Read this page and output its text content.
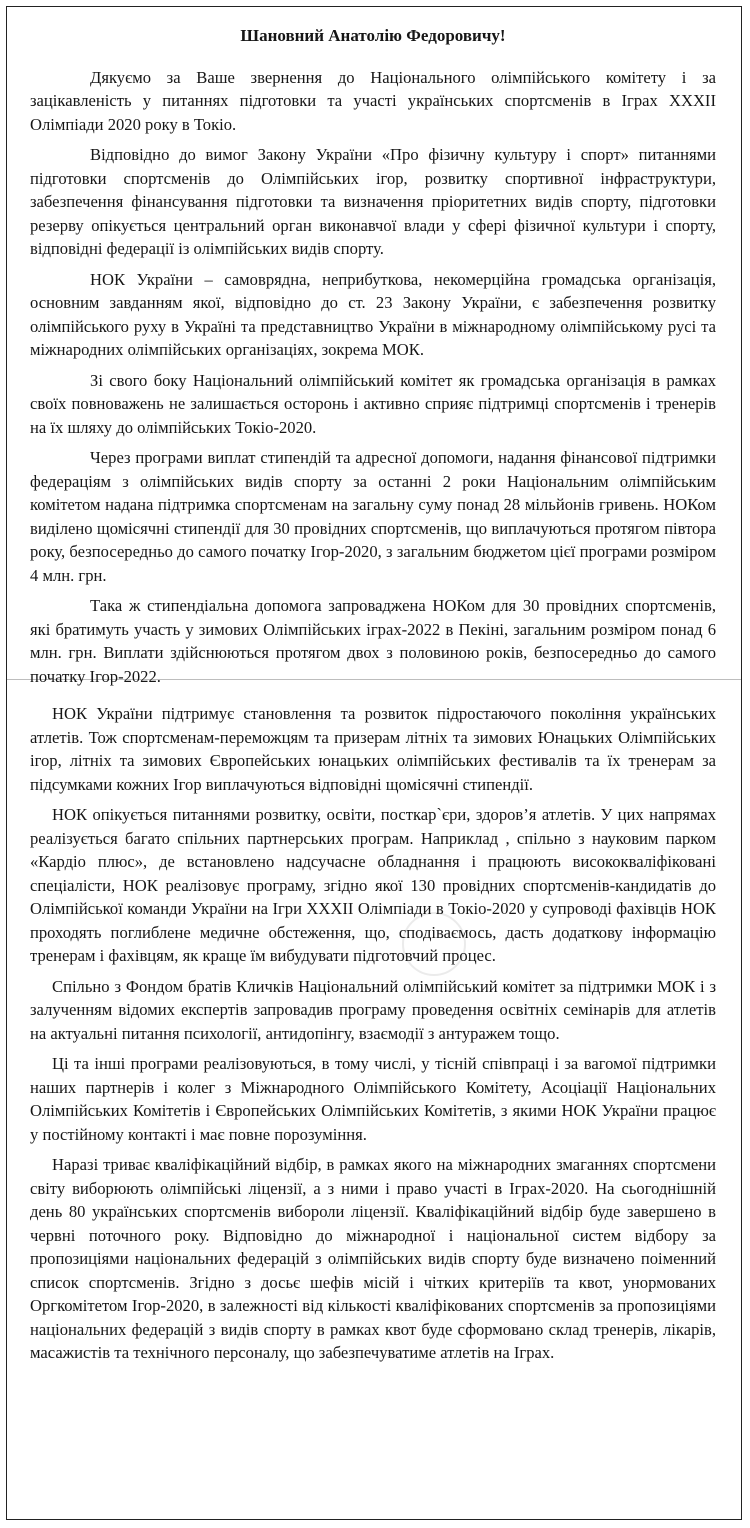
Шановний Анатолію Федоровичу!

Дякуємо за Ваше звернення до Національного олімпійського комітету і за зацікавленість у питаннях підготовки та участі українських спортсменів в Іграх ХХХІІ Олімпіади 2020 року в Токіо.

Відповідно до вимог Закону України «Про фізичну культуру і спорт» питаннями підготовки спортсменів до Олімпійських ігор, розвитку спортивної інфраструктури, забезпечення фінансування підготовки та визначення пріоритетних видів спорту, підготовки резерву опікується центральний орган виконавчої влади у сфері фізичної культури і спорту, відповідні федерації із олімпійських видів спорту.

НОК України – самоврядна, неприбуткова, некомерційна громадська організація, основним завданням якої, відповідно до ст. 23 Закону України, є забезпечення розвитку олімпійського руху в Україні та представництво України в міжнародному олімпійському русі та міжнародних олімпійських організаціях, зокрема МОК.

Зі свого боку Національний олімпійський комітет як громадська організація в рамках своїх повноважень не залишається осторонь і активно сприяє підтримці спортсменів і тренерів на їх шляху до олімпійських Токіо-2020.

Через програми виплат стипендій та адресної допомоги, надання фінансової підтримки федераціям з олімпійських видів спорту за останні 2 роки Національним олімпійським комітетом надана підтримка спортсменам на загальну суму понад 28 мільйонів гривень. НОКом виділено щомісячні стипендії для 30 провідних спортсменів, що виплачуються протягом півтора року, безпосередньо до самого початку Ігор-2020, з загальним бюджетом цієї програми розміром 4 млн. грн.

Така ж стипендіальна допомога запроваджена НОКом для 30 провідних спортсменів, які братимуть участь у зимових Олімпійських іграх-2022 в Пекіні, загальним розміром понад 6 млн. грн. Виплати здійснюються протягом двох з половиною років, безпосередньо до самого початку Ігор-2022.

НОК України підтримує становлення та розвиток підростаючого покоління українських атлетів. Тож спортсменам-переможцям та призерам літніх та зимових Юнацьких Олімпійських ігор, літніх та зимових Європейських юнацьких олімпійських фестивалів та їх тренерам за підсумками кожних Ігор виплачуються відповідні щомісячні стипендії.

НОК опікується питаннями розвитку, освіти, посткар`єри, здоров’я атлетів. У цих напрямах реалізується багато спільних партнерських програм. Наприклад , спільно з науковим парком «Кардіо плюс», де встановлено надсучасне обладнання і працюють висококваліфіковані спеціалісти, НОК реалізовує програму, згідно якої 130 провідних спортсменів-кандидатів до Олімпійської команди України на Ігри ХХХІІ Олімпіади в Токіо-2020 у супроводі фахівців НОК проходять поглиблене медичне обстеження, що, сподіваємось, дасть додаткову інформацію тренерам і фахівцям, як краще їм вибудувати підготовчий процес.

Спільно з Фондом братів Кличків Національний олімпійський комітет за підтримки МОК і з залученням відомих експертів запровадив програму проведення освітніх семінарів для атлетів на актуальні питання психології, антидопінгу, взаємодії з антуражем тощо.

Ці та інші програми реалізовуються, в тому числі, у тісній співпраці і за вагомої підтримки наших партнерів і колег з Міжнародного Олімпійського Комітету, Асоціації Національних Олімпійських Комітетів і Європейських Олімпійських Комітетів, з якими НОК України працює у постійному контакті і має повне порозуміння.

Наразі триває кваліфікаційний відбір, в рамках якого на міжнародних змаганнях спортсмени світу виборюють олімпійські ліцензії, а з ними і право участі в Іграх-2020. На сьогоднішній день 80 українських спортсменів вибороли ліцензії. Кваліфікаційний відбір буде завершено в червні поточного року. Відповідно до міжнародної і національної систем відбору за пропозиціями національних федерацій з олімпійських видів спорту буде визначено поіменний список спортсменів. Згідно з досьє шефів місій і чітких критеріїв та квот, унормованих Оргкомітетом Ігор-2020, в залежності від кількості кваліфікованих спортсменів за пропозиціями національних федерацій з видів спорту в рамках квот буде сформовано склад тренерів, лікарів, масажистів та технічного персоналу, що забезпечуватиме атлетів на Іграх.
